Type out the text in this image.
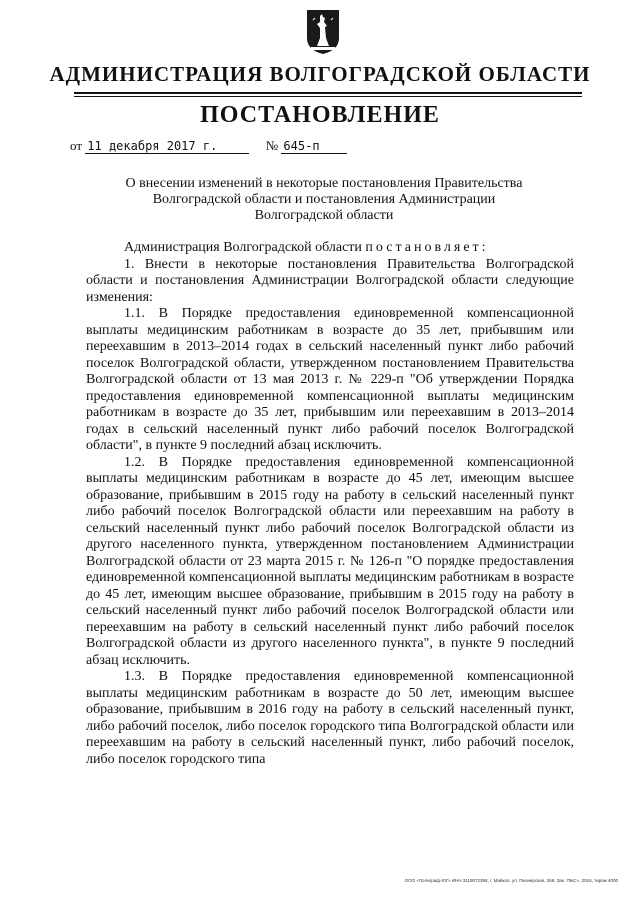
АДМИНИСТРАЦИЯ ВОЛГОГРАДСКОЙ ОБЛАСТИ
ПОСТАНОВЛЕНИЕ
от 11 декабря 2017 г.	№ 645-п
О внесении изменений в некоторые постановления Правительства Волгоградской области и постановления Администрации Волгоградской области

Администрация Волгоградской области постановляет:

1. Внести в некоторые постановления Правительства Волгоградской области и постановления Администрации Волгоградской области следующие изменения:

1.1. В Порядке предоставления единовременной компенсационной выплаты медицинским работникам в возрасте до 35 лет, прибывшим или переехавшим в 2013–2014 годах в сельский населенный пункт либо рабочий поселок Волгоградской области, утвержденном постановлением Правительства Волгоградской области от 13 мая 2013 г. № 229-п "Об утверждении Порядка предоставления единовременной компенсационной выплаты медицинским работникам в возрасте до 35 лет, прибывшим или переехавшим в 2013–2014 годах в сельский населенный пункт либо рабочий поселок Волгоградской области", в пункте 9 последний абзац исключить.

1.2. В Порядке предоставления единовременной компенсационной выплаты медицинским работникам в возрасте до 45 лет, имеющим высшее образование, прибывшим в 2015 году на работу в сельский населенный пункт либо рабочий поселок Волгоградской области или переехавшим на работу в сельский населенный пункт либо рабочий поселок Волгоградской области из другого населенного пункта, утвержденном постановлением Администрации Волгоградской области от 23 марта 2015 г. № 126-п "О порядке предоставления единовременной компенсационной выплаты медицинским работникам в возрасте до 45 лет, имеющим высшее образование, прибывшим в 2015 году на работу в сельский населенный пункт либо рабочий поселок Волгоградской области или переехавшим на работу в сельский населенный пункт либо рабочий поселок Волгоградской области из другого населенного пункта", в пункте 9 последний абзац исключить.

1.3. В Порядке предоставления единовременной компенсационной выплаты медицинским работникам в возрасте до 50 лет, имеющим высшее образование, прибывшим в 2016 году на работу в сельский населенный пункт, либо рабочий поселок, либо поселок городского типа Волгоградской области или переехавшим на работу в сельский населенный пункт, либо рабочий поселок, либо поселок городского типа

ООО «Полиграф-ЮГ» ИНН 3119072398, г. Майкоп, ул. Пионерская, 268. Зак. 78кС», 2015, тираж 4000
